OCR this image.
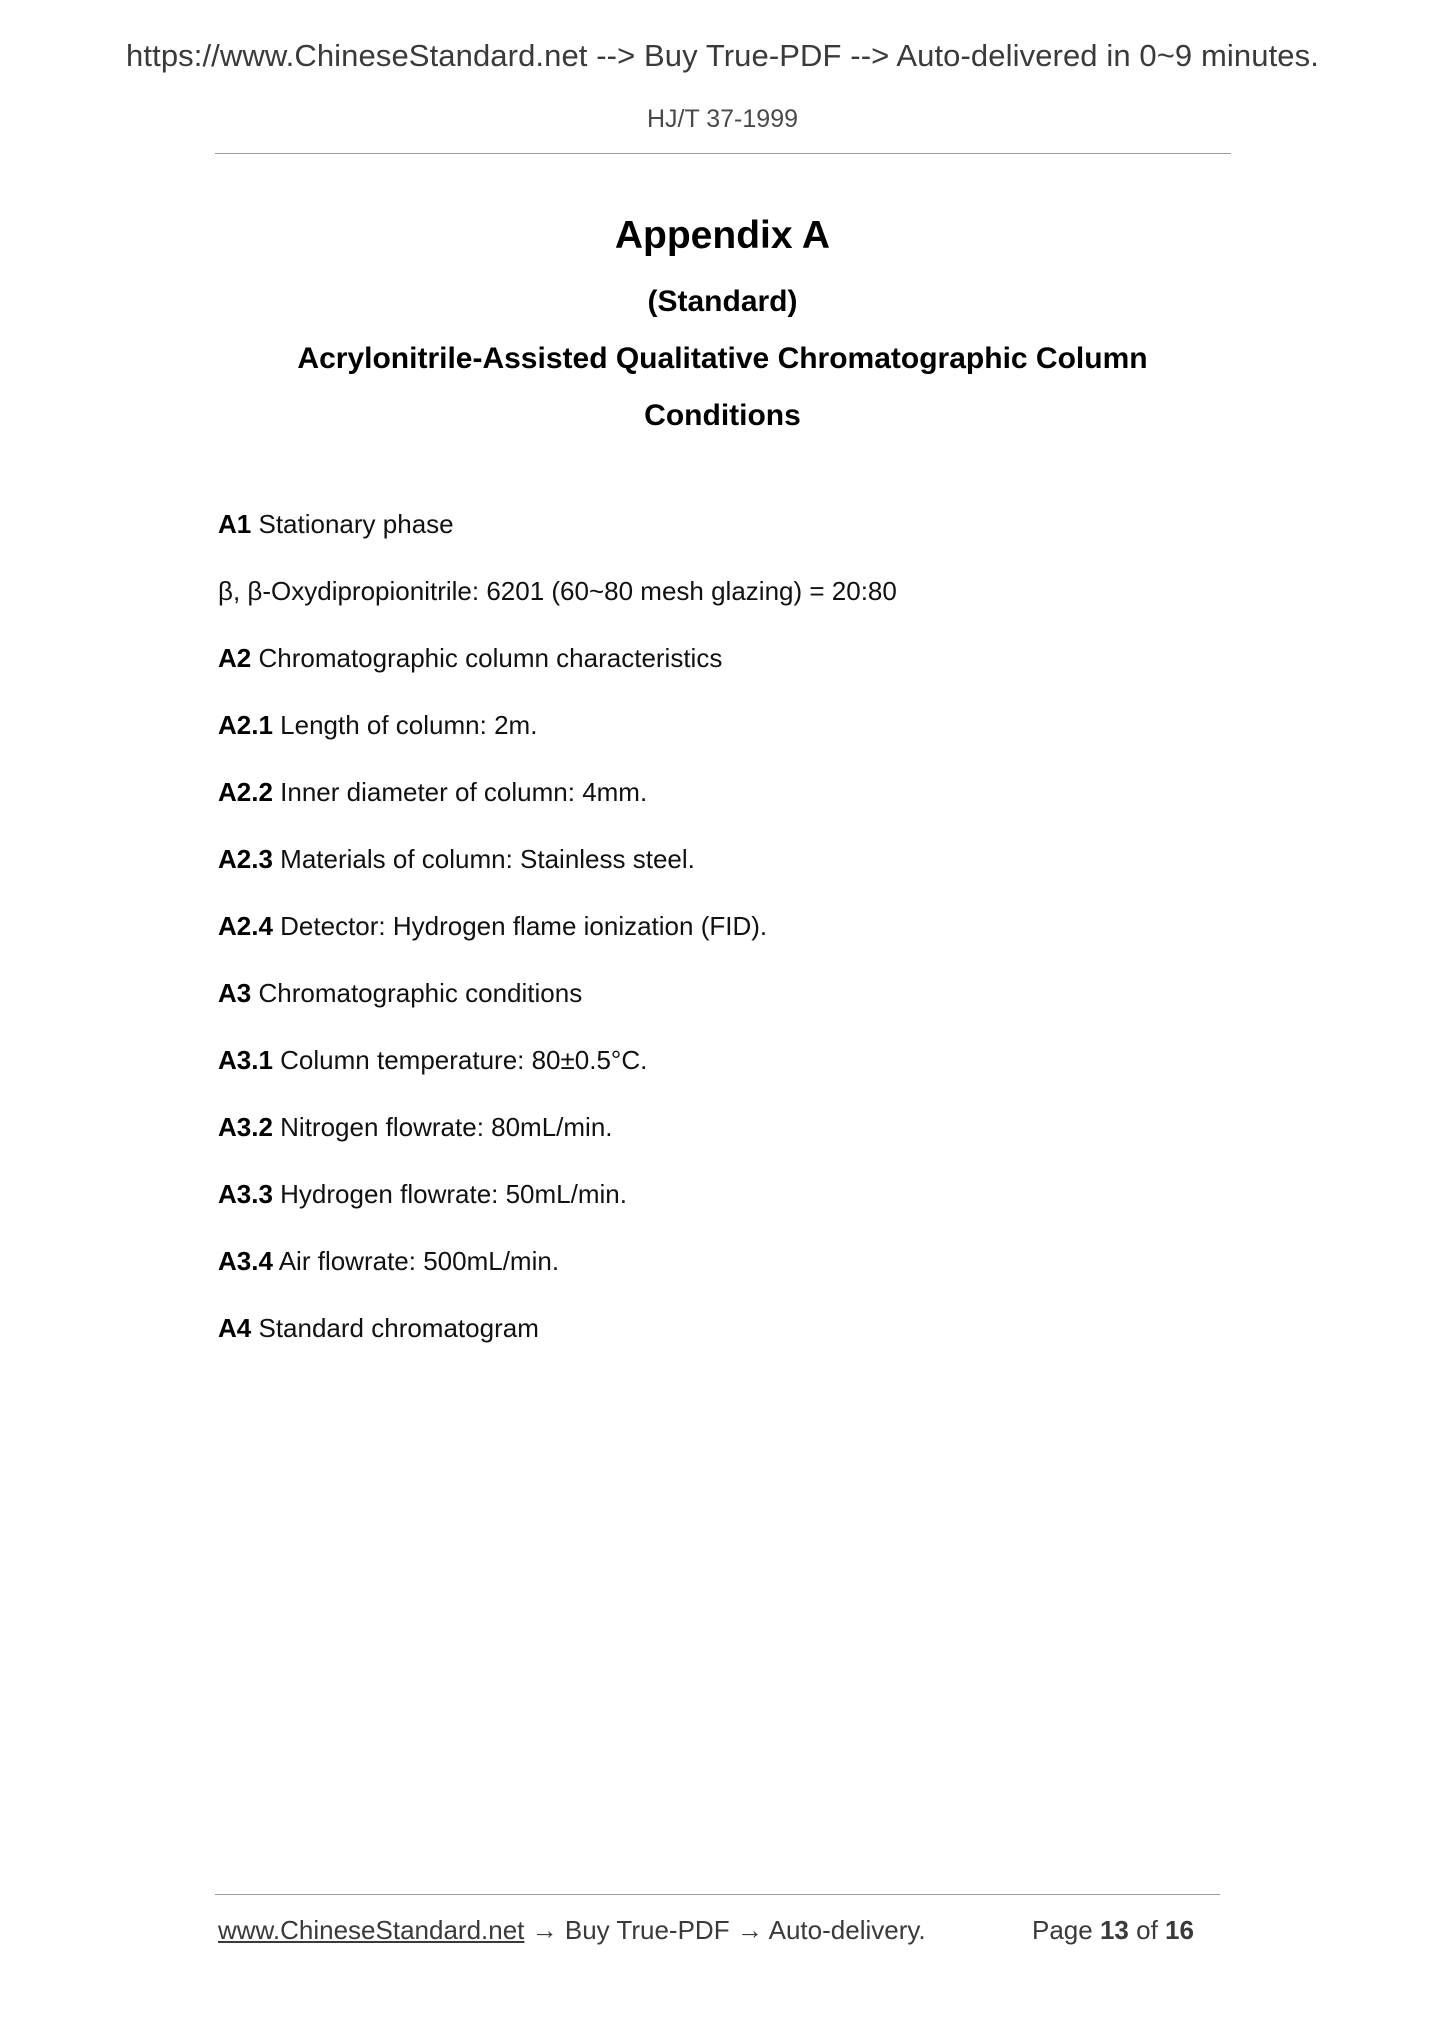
https://www.ChineseStandard.net --> Buy True-PDF --> Auto-delivered in 0~9 minutes.
HJ/T 37-1999
Appendix A
(Standard)
Acrylonitrile-Assisted Qualitative Chromatographic Column
Conditions
A1 Stationary phase
β, β-Oxydipropionitrile: 6201 (60~80 mesh glazing) = 20:80
A2 Chromatographic column characteristics
A2.1 Length of column: 2m.
A2.2 Inner diameter of column: 4mm.
A2.3 Materials of column: Stainless steel.
A2.4 Detector: Hydrogen flame ionization (FID).
A3 Chromatographic conditions
A3.1 Column temperature: 80±0.5°C.
A3.2 Nitrogen flowrate: 80mL/min.
A3.3 Hydrogen flowrate: 50mL/min.
A3.4 Air flowrate: 500mL/min.
A4 Standard chromatogram
www.ChineseStandard.net → Buy True-PDF → Auto-delivery.	Page 13 of 16
